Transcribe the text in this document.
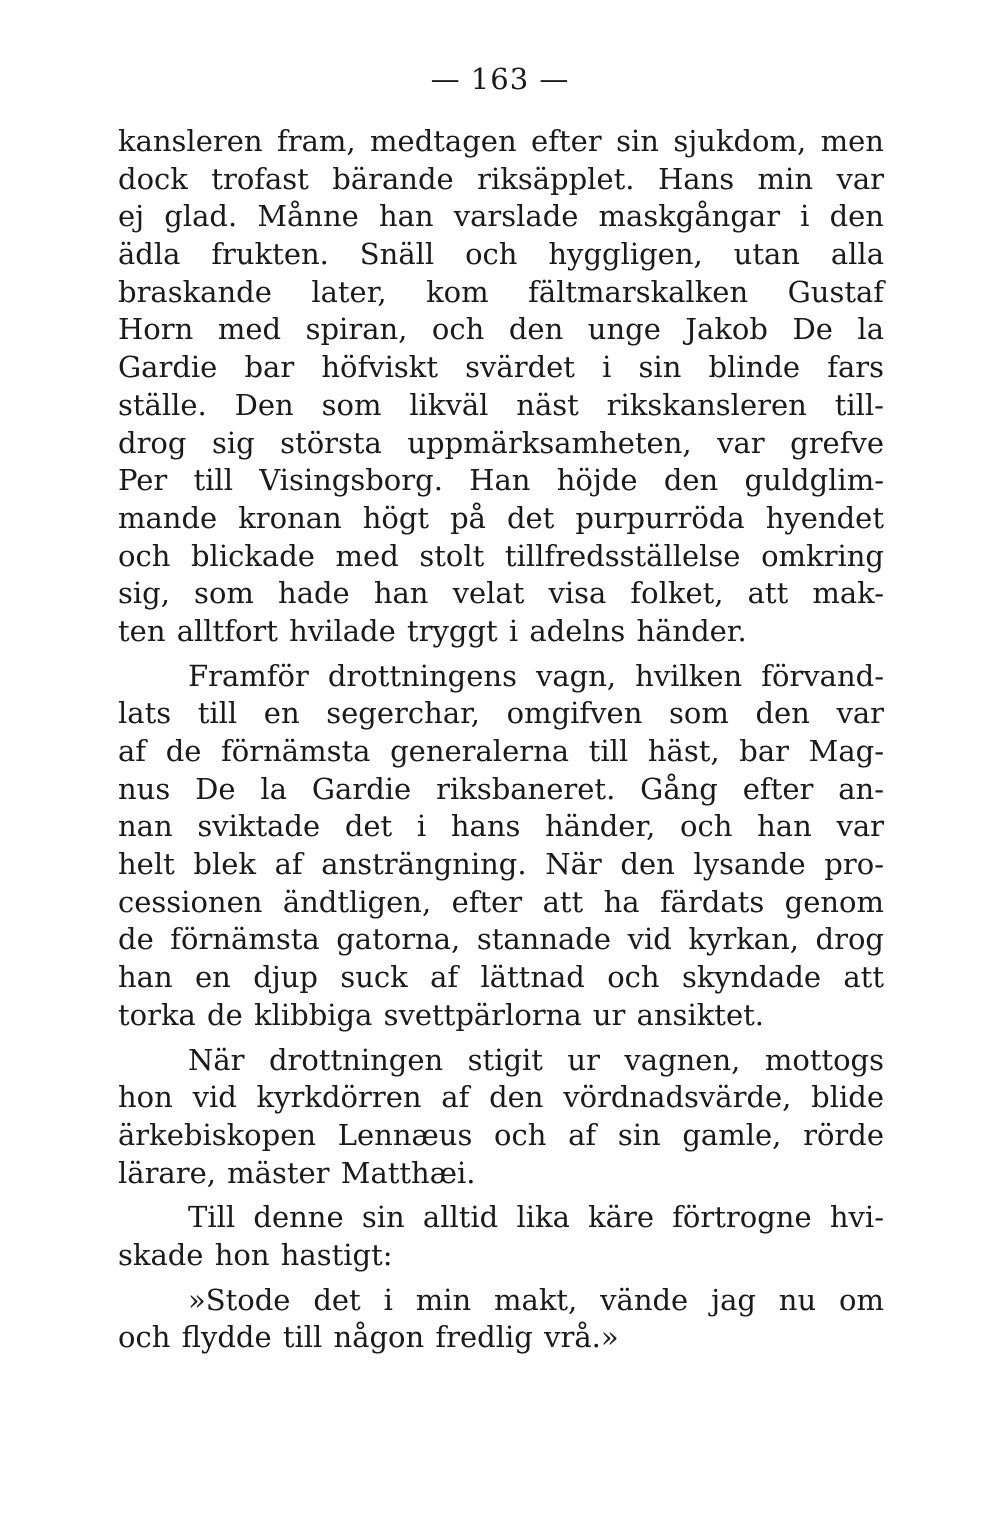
— 163 —
kansleren fram, medtagen efter sin sjukdom, men
dock trofast bärande riksäpplet. Hans min var
ej glad. Månne han varslade maskgångar i den
ädla frukten. Snäll och hyggligen, utan alla
braskande later, kom fältmarskalken Gustaf
Horn med spiran, och den unge Jakob De la
Gardie bar höfviskt svärdet i sin blinde fars
ställe. Den som likväl näst rikskansleren till-
drog sig största uppmärksamheten, var grefve
Per till Visingsborg. Han höjde den guldglim-
mande kronan högt på det purpurröda hyendet
och blickade med stolt tillfredsställelse omkring
sig, som hade han velat visa folket, att mak-
ten alltfort hvilade tryggt i adelns händer.
Framför drottningens vagn, hvilken förvand-
lats till en segerchar, omgifven som den var
af de förnämsta generalerna till häst, bar Mag-
nus De la Gardie riksbaneret. Gång efter an-
nan sviktade det i hans händer, och han var
helt blek af ansträngning. När den lysande pro-
cessionen ändtligen, efter att ha färdats genom
de förnämsta gatorna, stannade vid kyrkan, drog
han en djup suck af lättnad och skyndade att
torka de klibbiga svettpärlorna ur ansiktet.
När drottningen stigit ur vagnen, mottogs
hon vid kyrkdörren af den vördnadsvärde, blide
ärkebiskopen Lennæus och af sin gamle, rörde
lärare, mäster Matthæi.
Till denne sin alltid lika käre förtrogne hvi-
skade hon hastigt:
»Stode det i min makt, vände jag nu om
och flydde till någon fredlig vrå.»
